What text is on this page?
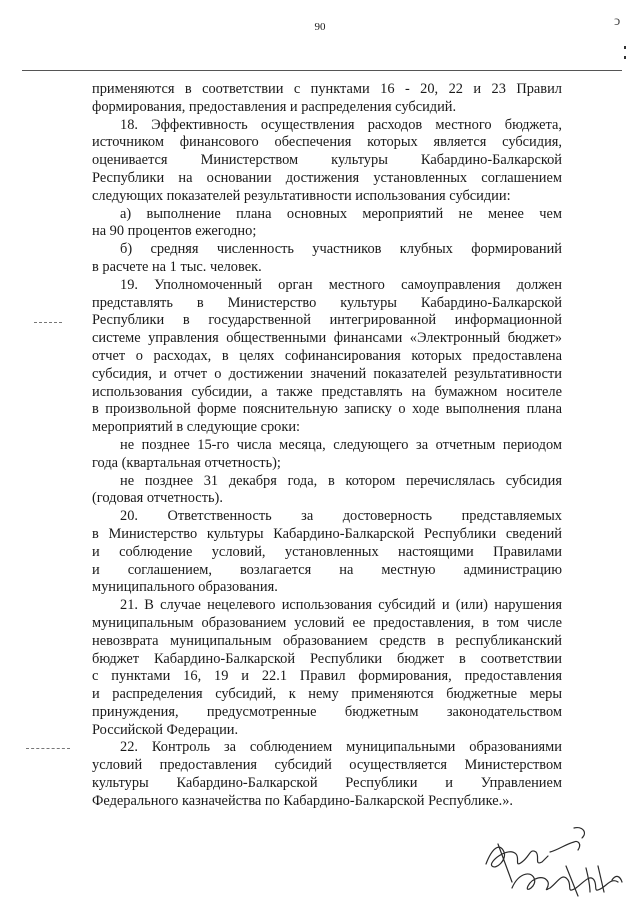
90	ↄ
применяются в соответствии с пунктами 16 - 20, 22 и 23 Правил
формирования, предоставления и распределения субсидий.
18. Эффективность осуществления расходов местного бюджета,
источником финансового обеспечения которых является субсидия,
оценивается Министерством культуры Кабардино-Балкарской
Республики на основании достижения установленных соглашением
следующих показателей результативности использования субсидии:
а) выполнение плана основных мероприятий не менее чем
на 90 процентов ежегодно;
б) средняя численность участников клубных формирований
в расчете на 1 тыс. человек.
19. Уполномоченный орган местного самоуправления должен
представлять в Министерство культуры Кабардино-Балкарской
Республики в государственной интегрированной информационной
системе управления общественными финансами «Электронный бюджет»
отчет о расходах, в целях софинансирования которых предоставлена
субсидия, и отчет о достижении значений показателей результативности
использования субсидии, а также представлять на бумажном носителе
в произвольной форме пояснительную записку о ходе выполнения плана
мероприятий в следующие сроки:
не позднее 15-го числа месяца, следующего за отчетным периодом
года (квартальная отчетность);
не позднее 31 декабря года, в котором перечислялась субсидия
(годовая отчетность).
20. Ответственность за достоверность представляемых
в Министерство культуры Кабардино-Балкарской Республики сведений
и соблюдение условий, установленных настоящими Правилами
и соглашением, возлагается на местную администрацию
муниципального образования.
21. В случае нецелевого использования субсидий и (или) нарушения
муниципальным образованием условий ее предоставления, в том числе
невозврата муниципальным образованием средств в республиканский
бюджет Кабардино-Балкарской Республики бюджет в соответствии
с пунктами 16, 19 и 22.1 Правил формирования, предоставления
и распределения субсидий, к нему применяются бюджетные меры
принуждения, предусмотренные бюджетным законодательством
Российской Федерации.
22. Контроль за соблюдением муниципальными образованиями
условий предоставления субсидий осуществляется Министерством
культуры Кабардино-Балкарской Республики и Управлением
Федерального казначейства по Кабардино-Балкарской Республике.».
